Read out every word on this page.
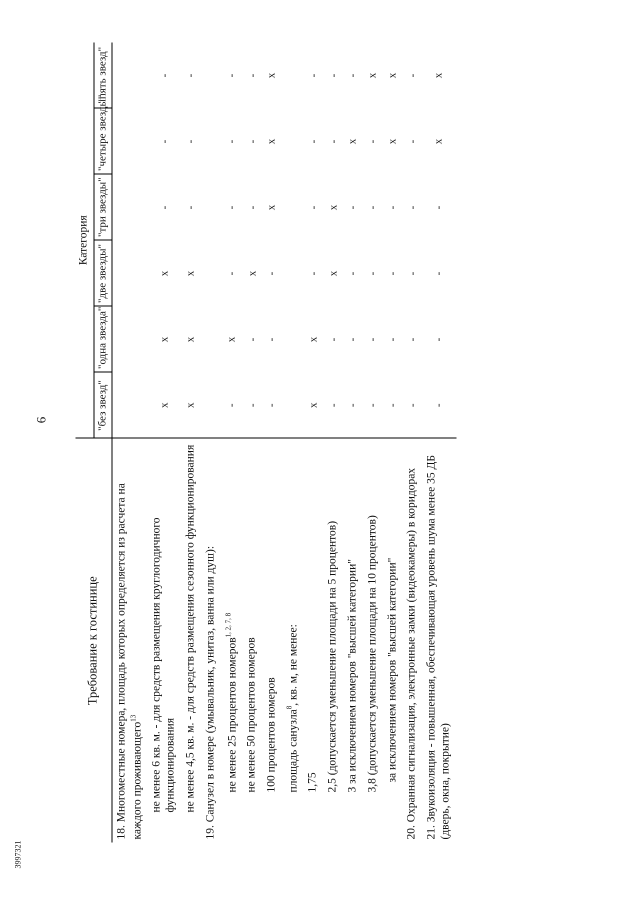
6
3997321
Требование к гостинице	Категория					
	"без звезд"	"одна звезда"	"две звезды"	"три звезды"	"четыре звезды"	"пять звезд"
18. Многоместные номера, площадь которых определяется из расчета на каждого проживающего$^{13}$						
не менее 6 кв. м. - для средств размещения круглогодичного функционирования	x	x	x	-	-	-
не менее 4,5 кв. м. - для средств размещения сезонного функционирования	x	x	x	-	-	-
19. Санузел в номере (умывальник, унитаз, ванна или душ):						
не менее 25 процентов номеров$^{1, 2, 7, 8}$	-	x	-	-	-	-
не менее 50 процентов номеров	-	-	x	-	-	-
100 процентов номеров	-	-	-	x	x	x
площадь санузла$^8$, кв. м, не менее:						
1,75	x	x	-	-	-	-
2,5 (допускается уменьшение площади на 5 процентов)	-	-	x	x	-	-
3 за исключением номеров "высшей категории"	-	-	-	-	x	-
3,8 (допускается уменьшение площади на 10 процентов)	-	-	-	-	-	x
за исключением номеров "высшей категории"	-	-	-	-	x	x
20. Охранная сигнализация, электронные замки (видеокамеры) в коридорах	-	-	-	-	-	-
21. Звукоизоляция - повышенная, обеспечивающая уровень шума менее 35 ДБ (дверь, окна, покрытие)	-	-	-	-	x	x
